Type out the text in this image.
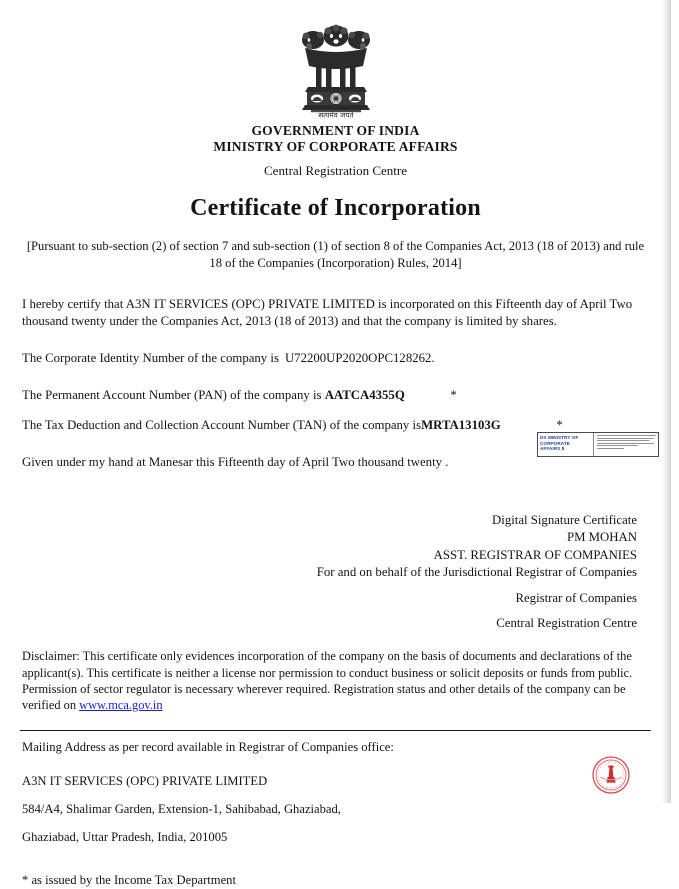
सत्यमेव जयते
GOVERNMENT OF INDIA
MINISTRY OF CORPORATE AFFAIRS
Central Registration Centre
Certificate of Incorporation
[Pursuant to sub-section (2) of section 7 and sub-section (1) of section 8 of the Companies Act, 2013 (18 of 2013) and rule 18 of the Companies (Incorporation) Rules, 2014]

I hereby certify that A3N IT SERVICES (OPC) PRIVATE LIMITED is incorporated on this Fifteenth day of April Two thousand twenty under the Companies Act, 2013 (18 of 2013) and that the company is limited by shares.

The Corporate Identity Number of the company is U72200UP2020OPC128262.

The Permanent Account Number (PAN) of the company is AATCA4355Q	*

The Tax Deduction and Collection Account Number (TAN) of the company isMRTA13103G	*

Given under my hand at Manesar this Fifteenth day of April Two thousand twenty .

Digital Signature Certificate
PM MOHAN
ASST. REGISTRAR OF COMPANIES
For and on behalf of the Jurisdictional Registrar of Companies
Registrar of Companies
Central Registration Centre

Disclaimer: This certificate only evidences incorporation of the company on the basis of documents and declarations of the applicant(s). This certificate is neither a license nor permission to conduct business or solicit deposits or funds from public. Permission of sector regulator is necessary wherever required. Registration status and other details of the company can be verified on www.mca.gov.in

Mailing Address as per record available in Registrar of Companies office:
A3N IT SERVICES (OPC) PRIVATE LIMITED
584/A4, Shalimar Garden, Extension-1, Sahibabad, Ghaziabad,
Ghaziabad, Uttar Pradesh, India, 201005
* as issued by the Income Tax Department
DS MINISTRY OF
CORPORATE AFFAIRS 8
